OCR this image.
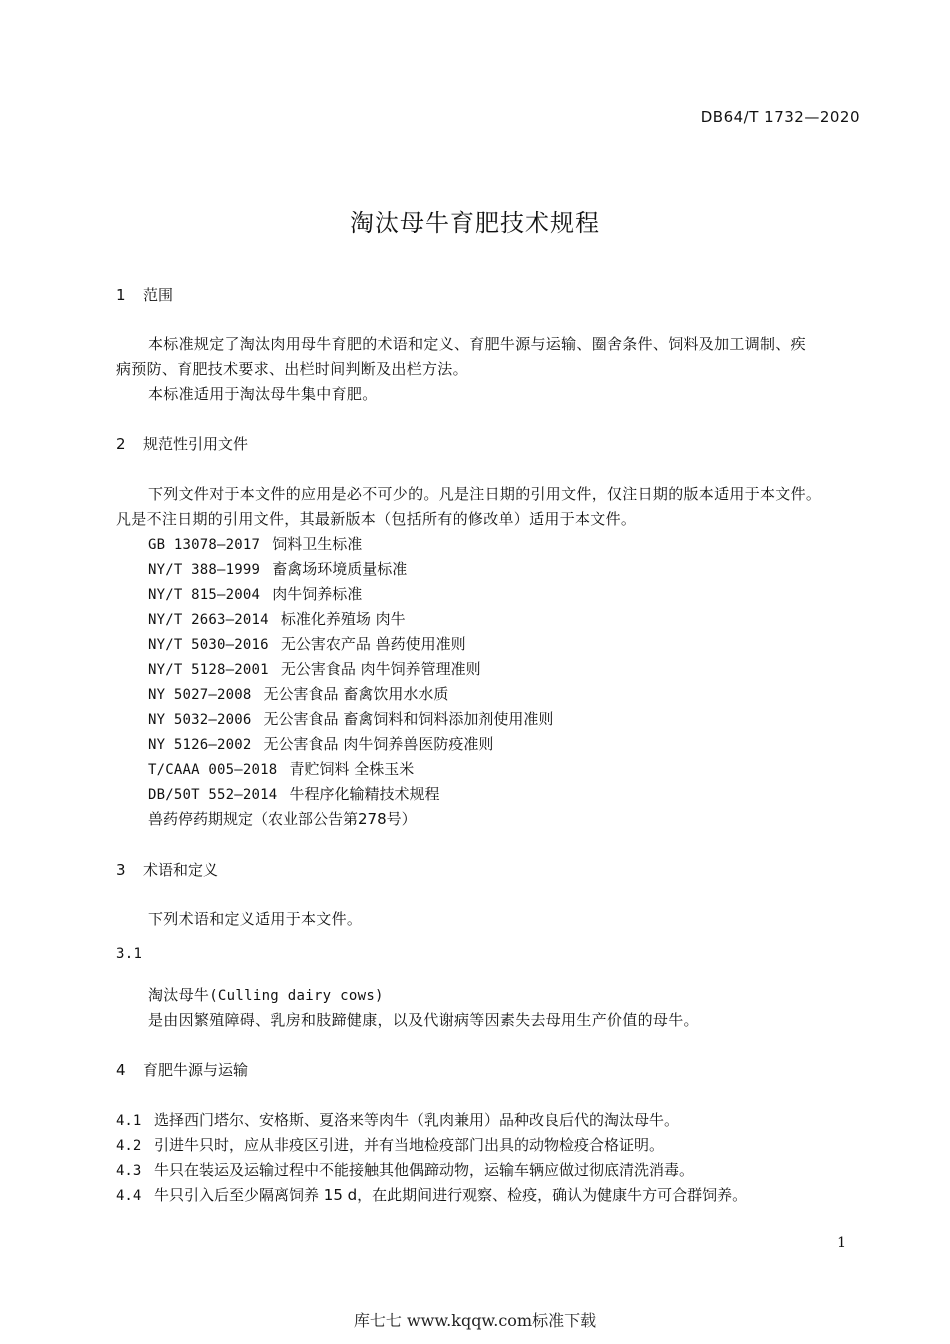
DB64/T 1732—2020
淘汰母牛育肥技术规程
1 范围
本标准规定了淘汰肉用母牛育肥的术语和定义、育肥牛源与运输、圈舍条件、饲料及加工调制、疾
病预防、育肥技术要求、出栏时间判断及出栏方法。
本标准适用于淘汰母牛集中育肥。
2 规范性引用文件
下列文件对于本文件的应用是必不可少的。凡是注日期的引用文件，仅注日期的版本适用于本文件。
凡是不注日期的引用文件，其最新版本（包括所有的修改单）适用于本文件。
GB 13078—2017 饲料卫生标准
NY/T 388—1999 畜禽场环境质量标准
NY/T 815—2004 肉牛饲养标准
NY/T 2663—2014 标准化养殖场 肉牛
NY/T 5030—2016 无公害农产品 兽药使用准则
NY/T 5128—2001 无公害食品 肉牛饲养管理准则
NY 5027—2008 无公害食品 畜禽饮用水水质
NY 5032—2006 无公害食品 畜禽饲料和饲料添加剂使用准则
NY 5126—2002 无公害食品 肉牛饲养兽医防疫准则
T/CAAA 005—2018 青贮饲料 全株玉米
DB/50T 552—2014 牛程序化输精技术规程
兽药停药期规定（农业部公告第278号）
3 术语和定义
下列术语和定义适用于本文件。
3.1
淘汰母牛(Culling dairy cows)
是由因繁殖障碍、乳房和肢蹄健康，以及代谢病等因素失去母用生产价值的母牛。
4 育肥牛源与运输
4.1 选择西门塔尔、安格斯、夏洛来等肉牛（乳肉兼用）品种改良后代的淘汰母牛。
4.2 引进牛只时，应从非疫区引进，并有当地检疫部门出具的动物检疫合格证明。
4.3 牛只在装运及运输过程中不能接触其他偶蹄动物，运输车辆应做过彻底清洗消毒。
4.4 牛只引入后至少隔离饲养 15 d，在此期间进行观察、检疫，确认为健康牛方可合群饲养。
1
库七七 www.kqqw.com标准下载
